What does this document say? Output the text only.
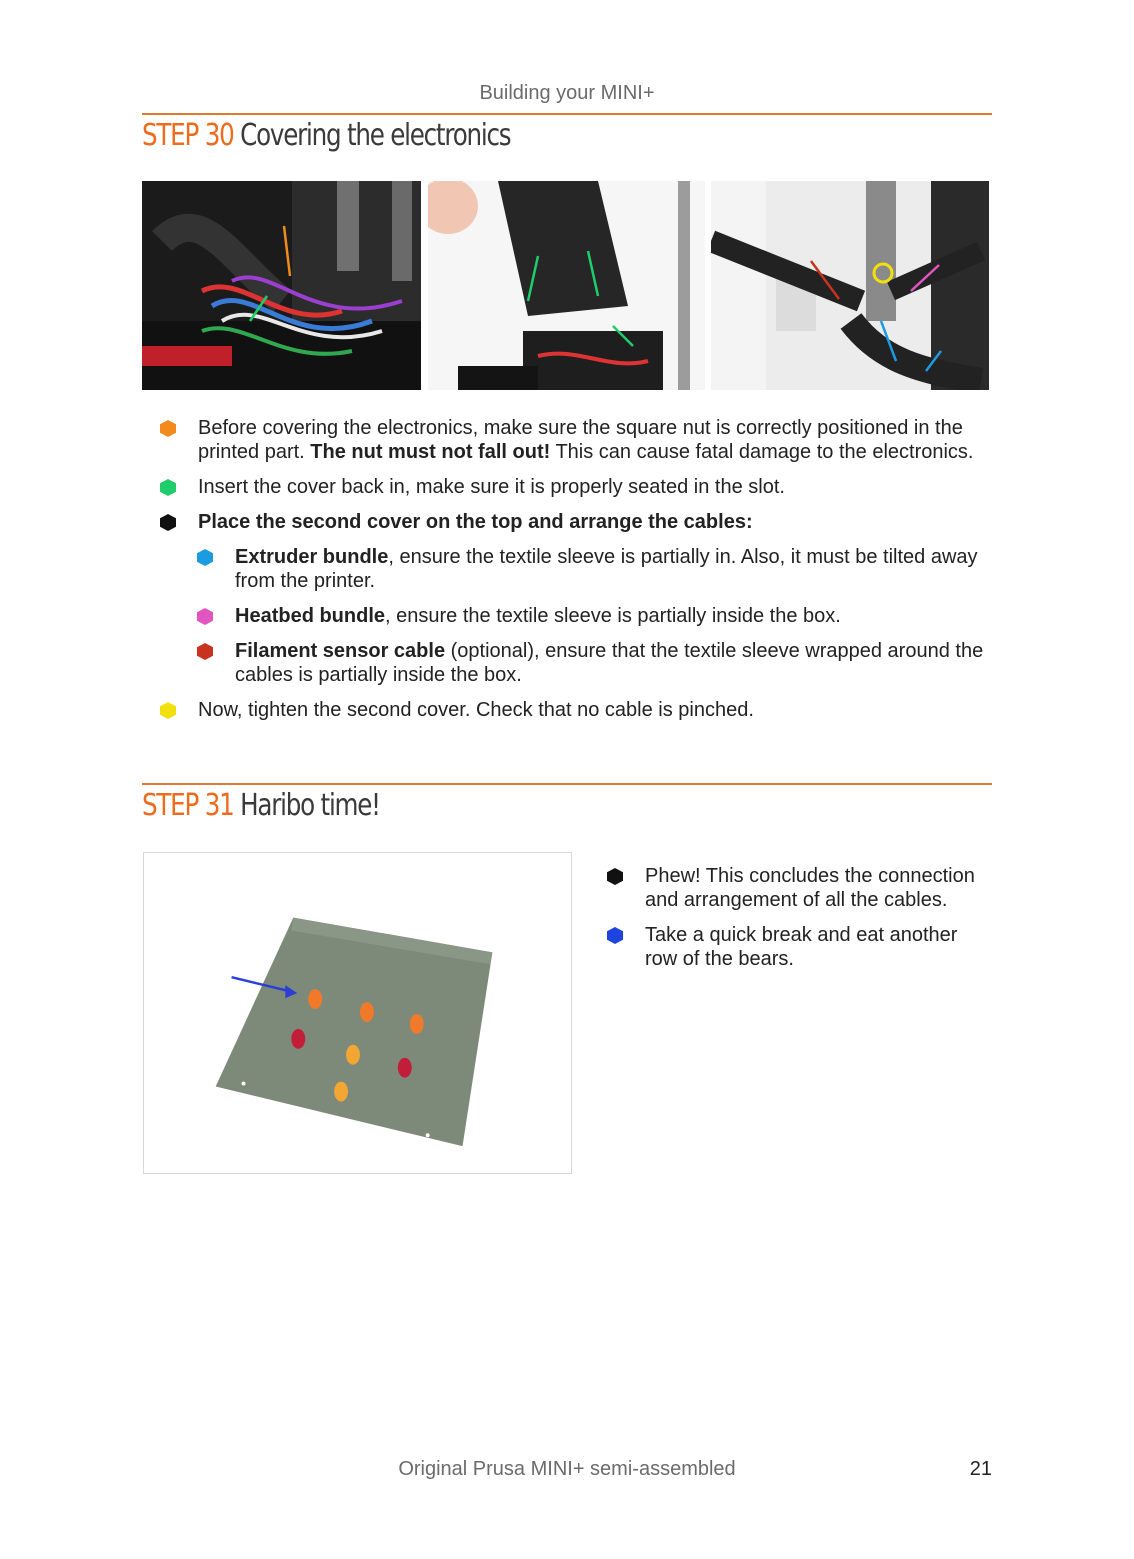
Building your MINI+
STEP 30 Covering the electronics
Before covering the electronics, make sure the square nut is correctly positioned in the printed part. The nut must not fall out! This can cause fatal damage to the electronics.
Insert the cover back in, make sure it is properly seated in the slot.
Place the second cover on the top and arrange the cables:
Extruder bundle, ensure the textile sleeve is partially in. Also, it must be tilted away from the printer.
Heatbed bundle, ensure the textile sleeve is partially inside the box.
Filament sensor cable (optional), ensure that the textile sleeve wrapped around the cables is partially inside the box.
Now, tighten the second cover. Check that no cable is pinched.
STEP 31 Haribo time!
Phew! This concludes the connection and arrangement of all the cables.
Take a quick break and eat another row of the bears.
Original Prusa MINI+ semi-assembled	21
